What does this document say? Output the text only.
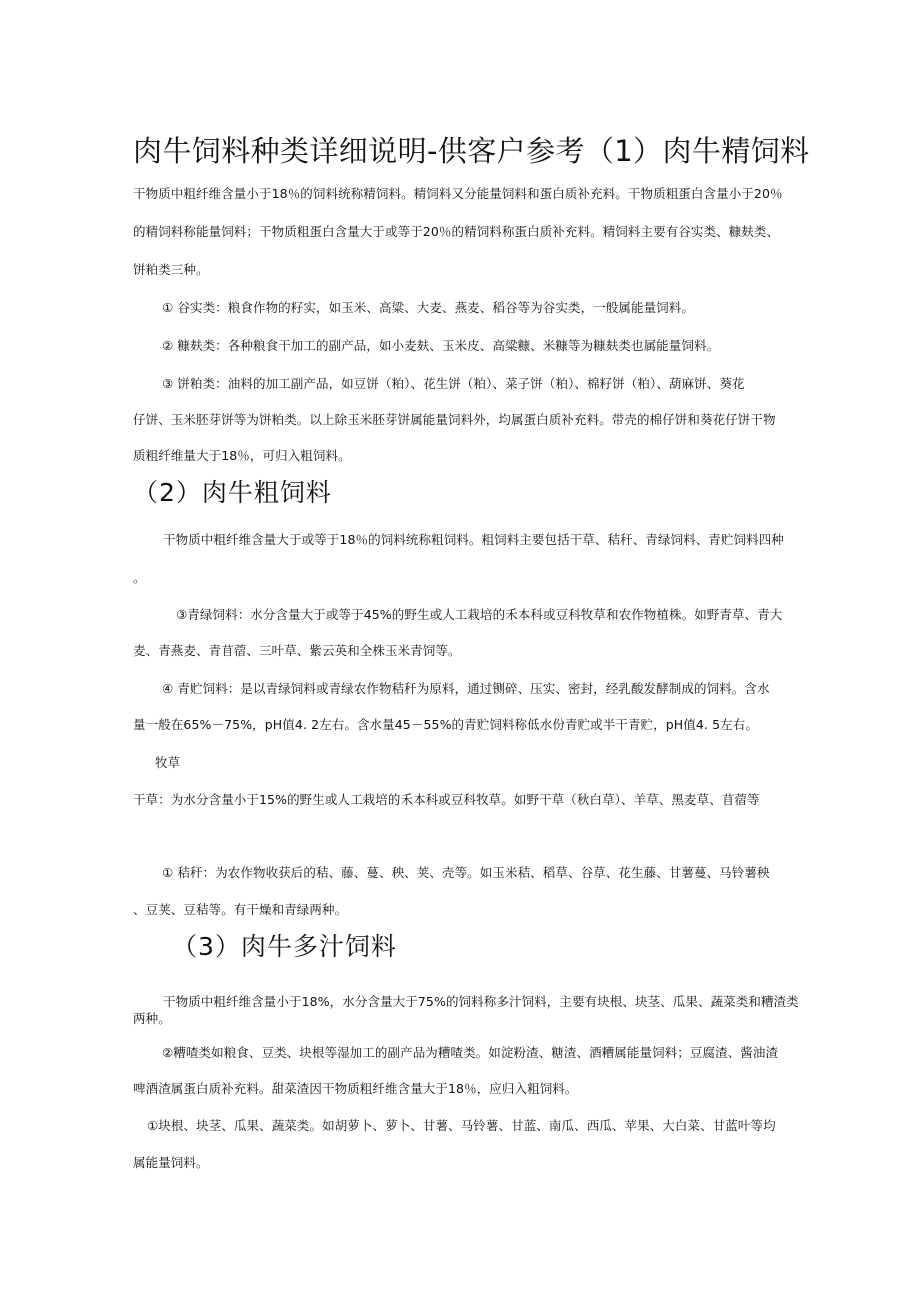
肉牛饲料种类详细说明-供客户参考（1）肉牛精饲料
干物质中粗纤维含量小于18％的饲料统称精饲料。精饲料又分能量饲料和蛋白质补充料。干物质粗蛋白含量小于20％
的精饲料称能量饲料；干物质粗蛋白含量大于或等于20％的精饲料称蛋白质补充料。精饲料主要有谷实类、糠麸类、
饼粕类三种。
① 谷实类：粮食作物的籽实，如玉米、高粱、大麦、燕麦、稻谷等为谷实类，一般属能量饲料。
② 糠麸类：各种粮食干加工的副产品，如小麦麸、玉米皮、高粱糠、米糠等为糠麸类也属能量饲料。
③ 饼粕类：油料的加工副产品，如豆饼（粕）、花生饼（粕）、菜子饼（粕）、棉籽饼（粕）、葫麻饼、葵花
仔饼、玉米胚芽饼等为饼粕类。以上除玉米胚芽饼属能量饲料外，均属蛋白质补充料。带壳的棉仔饼和葵花仔饼干物
质粗纤维量大于18％，可归入粗饲料。
（2）肉牛粗饲料
干物质中粗纤维含量大于或等于18％的饲料统称粗饲料。粗饲料主要包括干草、秸秆、青绿饲料、青贮饲料四种
。
③青绿饲料：水分含量大于或等于45%的野生或人工栽培的禾本科或豆科牧草和农作物植株。如野青草、青大
麦、青燕麦、青苜蓿、三叶草、紫云英和全株玉米青饲等。
④ 青贮饲料：是以青绿饲料或青绿农作物秸秆为原料，通过铡碎、压实、密封，经乳酸发酵制成的饲料。含水
量一般在65%－75%，pH值4. 2左右。含水量45－55%的青贮饲料称低水份青贮或半干青贮，pH值4. 5左右。
牧草
干草：为水分含量小于15%的野生或人工栽培的禾本科或豆科牧草。如野干草（秋白草）、羊草、黑麦草、苜蓿等
① 秸秆：为农作物收获后的秸、藤、蔓、秧、荚、壳等。如玉米秸、稻草、谷草、花生藤、甘薯蔓、马铃薯秧
、豆荚、豆秸等。有干燥和青绿两种。
（3）肉牛多汁饲料
干物质中粗纤维含量小于18%，水分含量大于75%的饲料称多汁饲料，主要有块根、块茎、瓜果、蔬菜类和糟渣类
两种。
②糟喳类如粮食、豆类、块根等湿加工的副产品为糟喳类。如淀粉渣、糖渣、酒糟属能量饲料；豆腐渣、酱油渣
啤酒渣属蛋白质补充料。甜菜渣因干物质粗纤维含量大于18％，应归入粗饲料。
①块根、块茎、瓜果、蔬菜类。如胡萝卜、萝卜、甘薯、马铃薯、甘蓝、南瓜、西瓜、苹果、大白菜、甘蓝叶等均
属能量饲料。
